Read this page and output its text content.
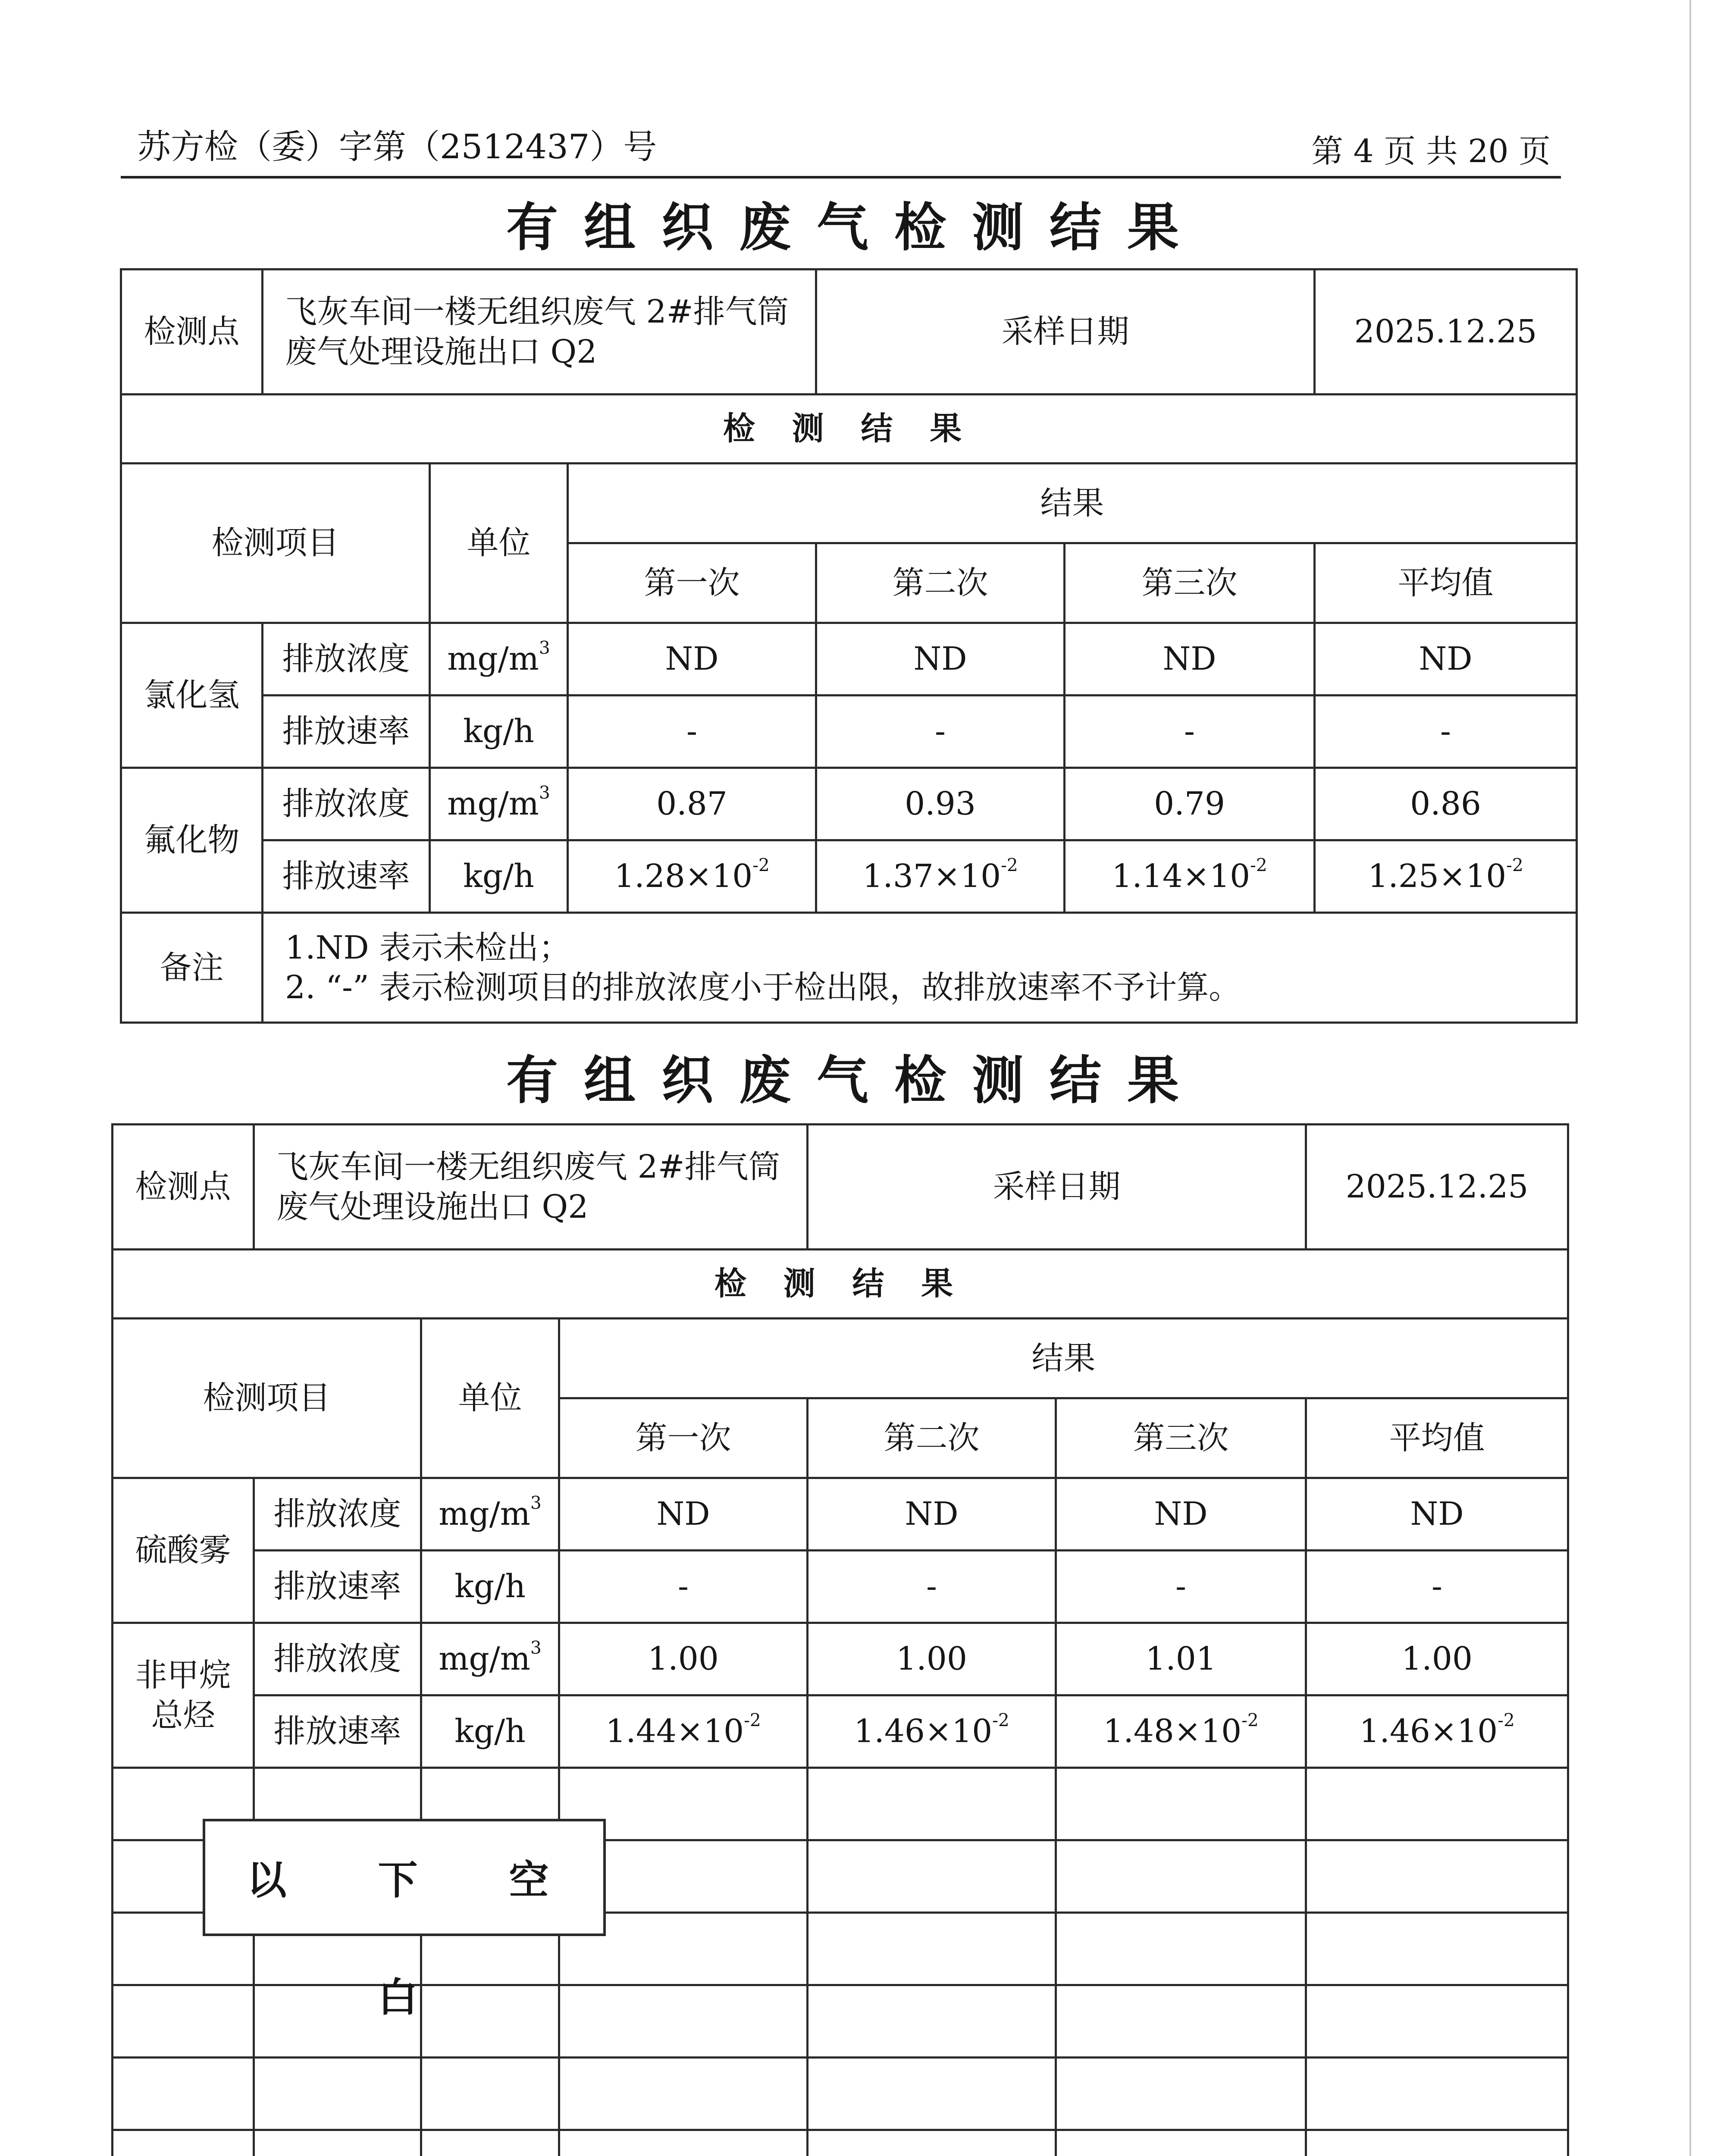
苏方检（委）字第（2512437）号	第 4 页 共 20 页
有组织废气检测结果
检测点	飞灰车间一楼无组织废气 2#排气筒废气处理设施出口 Q2			采样日期		2025.12.25
检 测 结 果						
检测项目		单位	结果			
			第一次	第二次	第三次	平均值
氯化氢	排放浓度	$mg/m^3$	ND	ND	ND	ND
	排放速率	kg/h	-	-	-	-
氟化物	排放浓度	$mg/m^3$	0.87	0.93	0.79	0.86
	排放速率	kg/h	$1.28\times 10^{-2}$	$1.37\times 10^{-2}$	$1.14\times 10^{-2}$	$1.25\times 10^{-2}$
备注	1.ND 表示未检出；
2. “-” 表示检测项目的排放浓度小于检出限，故排放速率不予计算。					
有组织废气检测结果
检测点	飞灰车间一楼无组织废气 2#排气筒废气处理设施出口 Q2			采样日期		2025.12.25
检 测 结 果						
检测项目		单位	结果			
			第一次	第二次	第三次	平均值
硫酸雾	排放浓度	$mg/m^3$	ND	ND	ND	ND
	排放速率	kg/h	-	-	-	-
非甲烷总烃	排放浓度	$mg/m^3$	1.00	1.00	1.01	1.00
	排放速率	kg/h	$1.44\times 10^{-2}$	$1.46\times 10^{-2}$	$1.48\times 10^{-2}$	$1.46\times 10^{-2}$

以 下 空 白
